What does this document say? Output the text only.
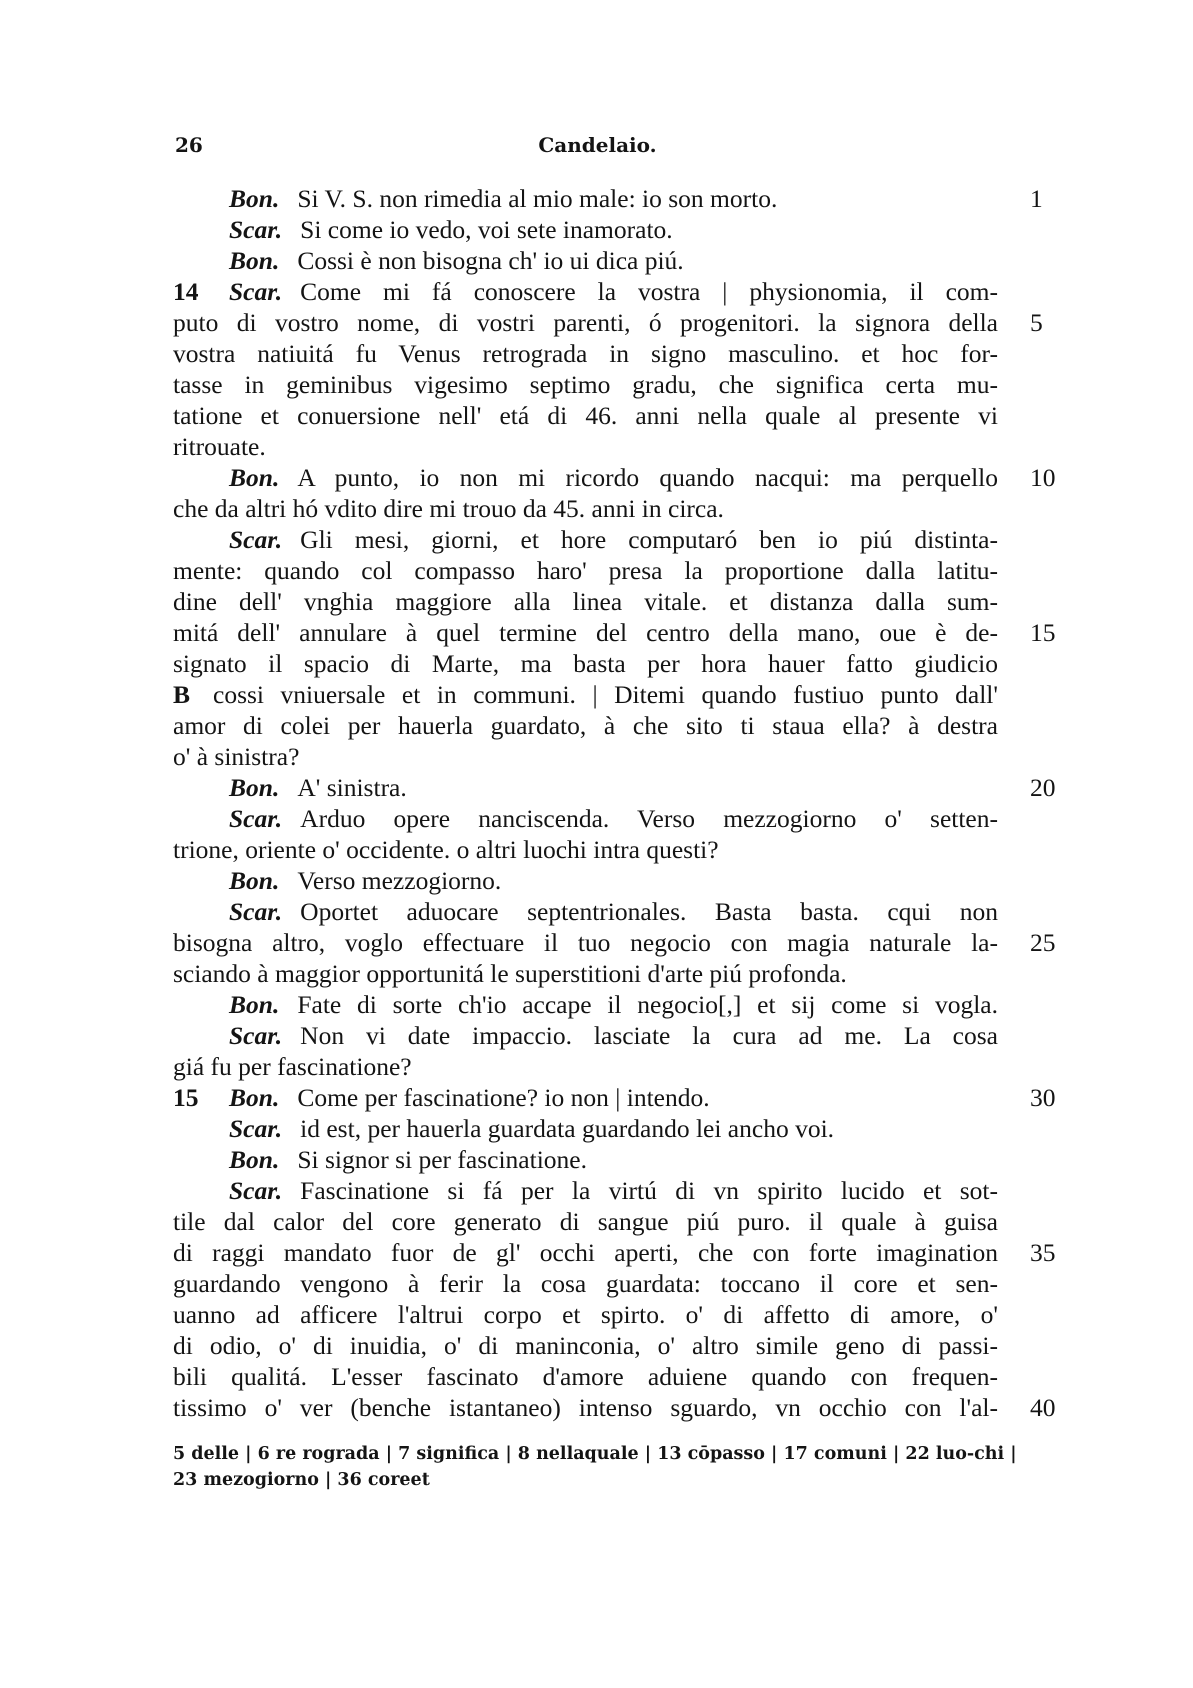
26	Candelaio.
Bon. Si V. S. non rimedia al mio male: io son morto.	1
Scar. Si come io vedo, voi sete inamorato.
Bon. Cossi è non bisogna ch' io ui dica piú.
14 Scar. Come mi fá conoscere la vostra | physionomia, il com-
puto di vostro nome, di vostri parenti, ó progenitori. la signora della 5
vostra natiuitá fu Venus retrograda in signo masculino. et hoc for-
tasse in geminibus vigesimo septimo gradu, che significa certa mu-
tatione et conuersione nell' etá di 46. anni nella quale al presente vi
ritrouate.
Bon. A punto, io non mi ricordo quando nacqui: ma perquello 10
che da altri hó vdito dire mi trouo da 45. anni in circa.
Scar. Gli mesi, giorni, et hore computaró ben io piú distinta-
mente: quando col compasso haro' presa la proportione dalla latitu-
dine dell' vnghia maggiore alla linea vitale. et distanza dalla sum-
mitá dell' annulare à quel termine del centro della mano, oue è de- 15
signato il spacio di Marte, ma basta per hora hauer fatto giudicio
B cossi vniuersale et in communi. | Ditemi quando fustiuo punto dall'
amor di colei per hauerla guardato, à che sito ti staua ella? à destra
o' à sinistra?
Bon. A' sinistra.	20
Scar. Arduo opere nanciscenda. Verso mezzogiorno o' setten-
trione, oriente o' occidente. o altri luochi intra questi?
Bon. Verso mezzogiorno.
Scar. Oportet aduocare septentrionales. Basta basta. cqui non
bisogna altro, voglo effectuare il tuo negocio con magia naturale la- 25
sciando à maggior opportunitá le superstitioni d'arte piú profonda.
Bon. Fate di sorte ch'io accape il negocio[,] et sij come si vogla.
Scar. Non vi date impaccio. lasciate la cura ad me. La cosa
giá fu per fascinatione?
15 Bon. Come per fascinatione? io non | intendo.	30
Scar. id est, per hauerla guardata guardando lei ancho voi.
Bon. Si signor si per fascinatione.
Scar. Fascinatione si fá per la virtú di vn spirito lucido et sot-
tile dal calor del core generato di sangue piú puro. il quale à guisa
di raggi mandato fuor de gl' occhi aperti, che con forte imagination 35
guardando vengono à ferir la cosa guardata: toccano il core et sen-
uanno ad afficere l'altrui corpo et spirto. o' di affetto di amore, o'
di odio, o' di inuidia, o' di maninconia, o' altro simile geno di passi-
bili qualitá. L'esser fascinato d'amore aduiene quando con frequen-
tissimo o' ver (benche istantaneo) intenso sguardo, vn occhio con l'al- 40
5 delle | 6 re rograda | 7 significa | 8 nellaquale | 13 cōpasso | 17 comuni | 22 luo-chi |
23 mezogiorno | 36 coreet
